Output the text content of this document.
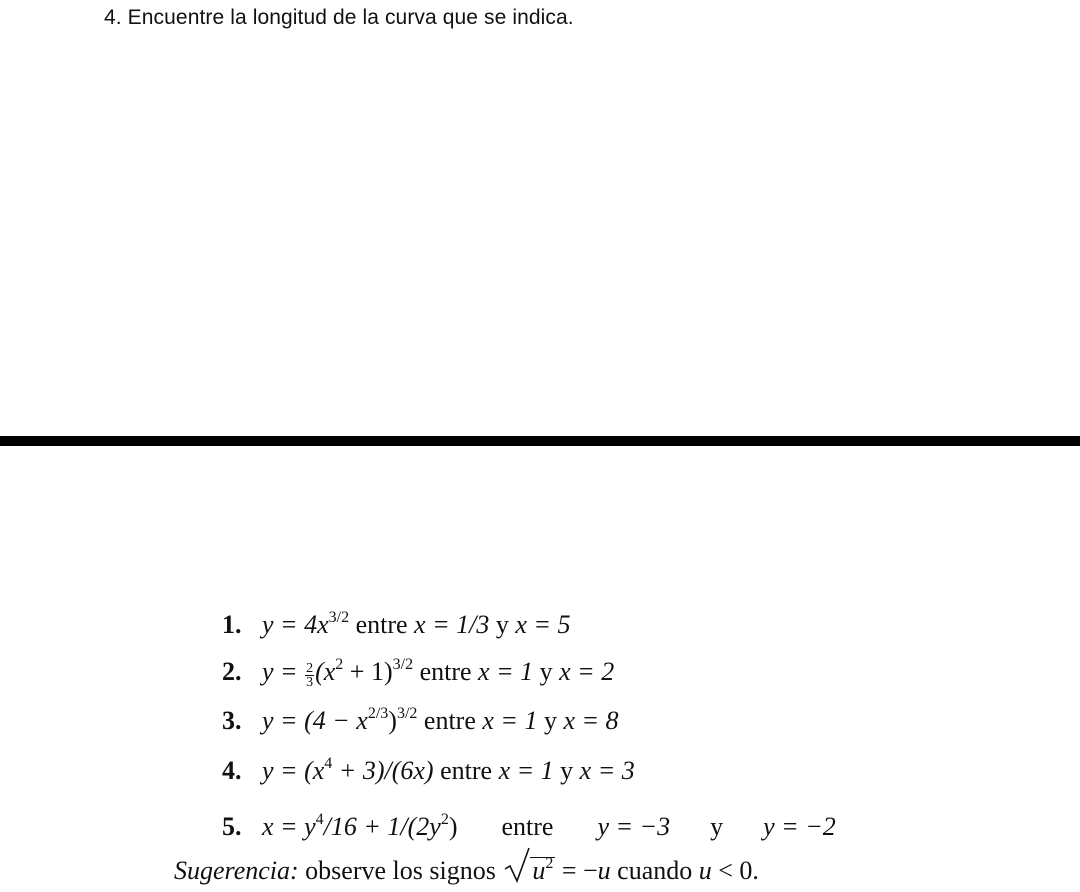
4. Encuentre la longitud de la curva que se indica.
1. $y = 4x^{3/2}$ entre x = 1/3 y x = 5
2. $y = \frac{2}{3} (x^2 + 1)^{3/2}$ entre x = 1 y x = 2
3. $y = (4 - x^{2/3})^{3/2}$ entre x = 1 y x = 8
4. $y = (x^4 + 3)/(6x)$ entre x = 1 y x = 3
5. $x = y^4/16 + 1/(2y^2)$ entre y = −3 y y = −2
Sugerencia: observe los signos
$u^2 = -u$ cuando u < 0.
